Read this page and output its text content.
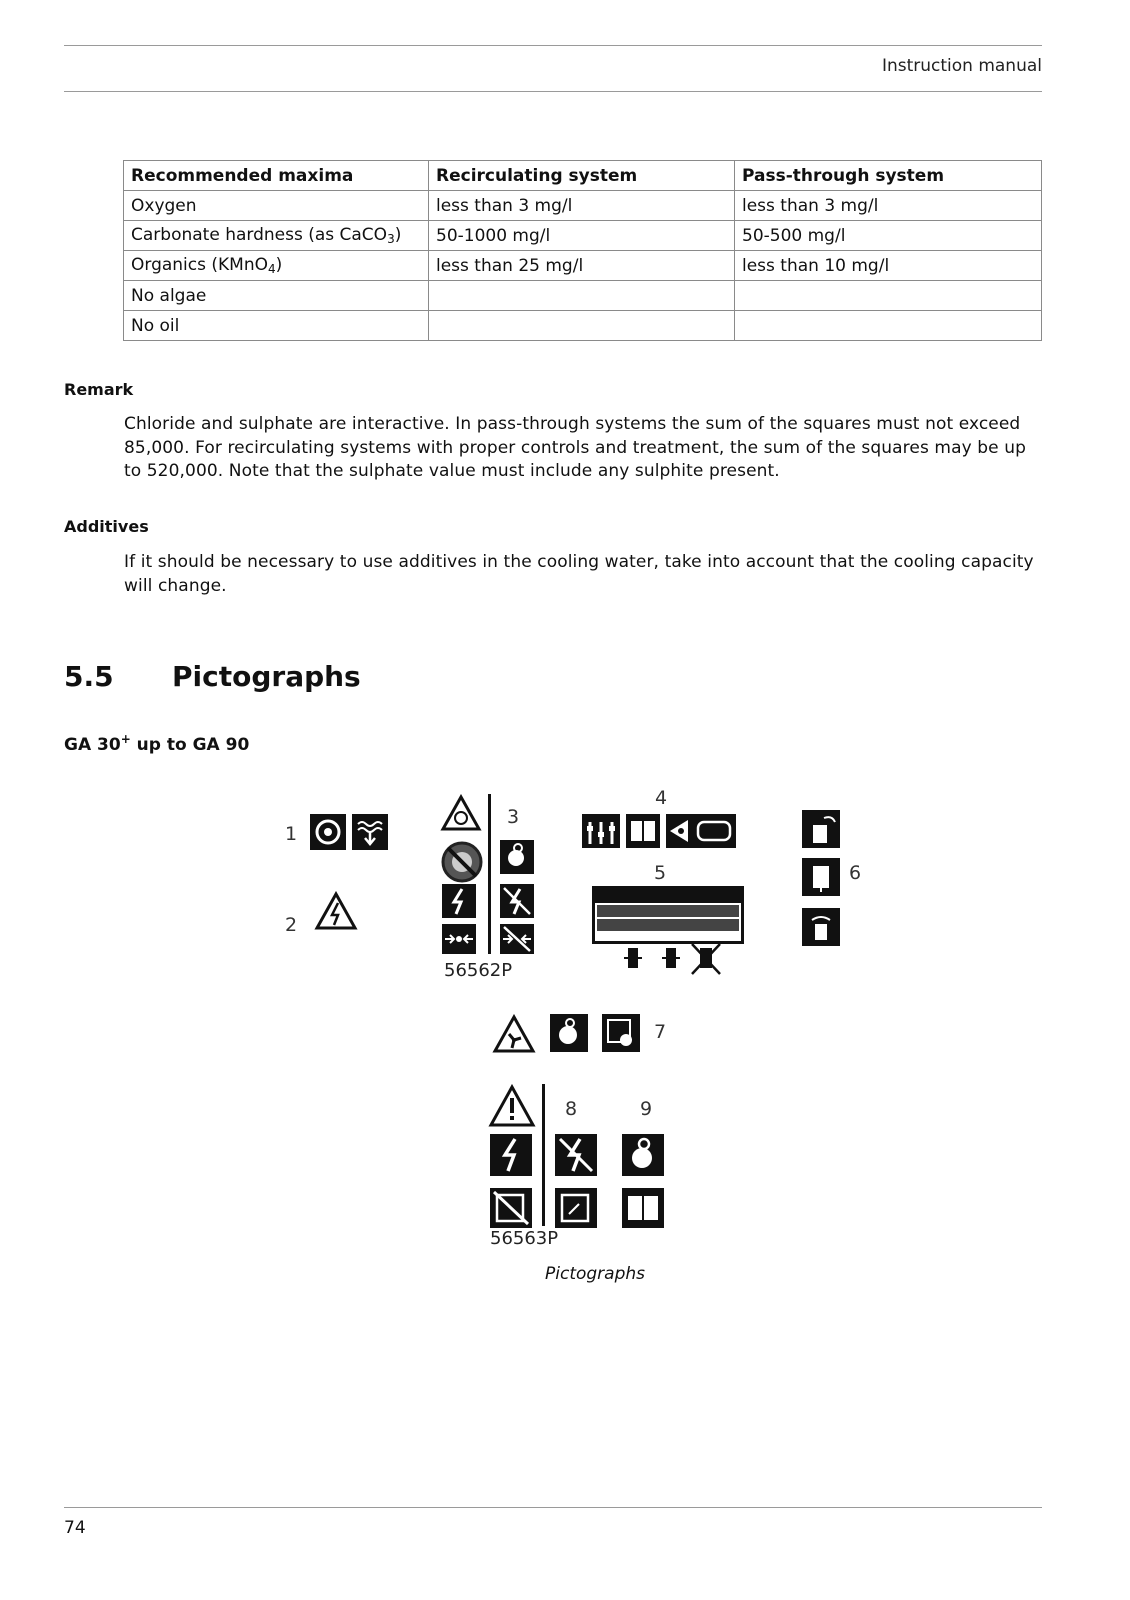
Instruction manual
Recommended maxima	Recirculating system	Pass-through system
Oxygen	less than 3 mg/l	less than 3 mg/l
Carbonate hardness (as CaCO$_3$)	50-1000 mg/l	50-500 mg/l
Organics (KMnO$_4$)	less than 25 mg/l	less than 10 mg/l
No algae		
No oil		
Remark
Chloride and sulphate are interactive. In pass-through systems the sum of the squares must not exceed 85,000. For recirculating systems with proper controls and treatment, the sum of the squares may be up to 520,000. Note that the sulphate value must include any sulphite present.
Additives
If it should be necessary to use additives in the cooling water, take into account that the cooling capacity will change.
5.5 Pictographs
GA 30+ up to GA 90
1
2
3
4
5	6
56562P
7
8	9
56563P
Pictographs
74
